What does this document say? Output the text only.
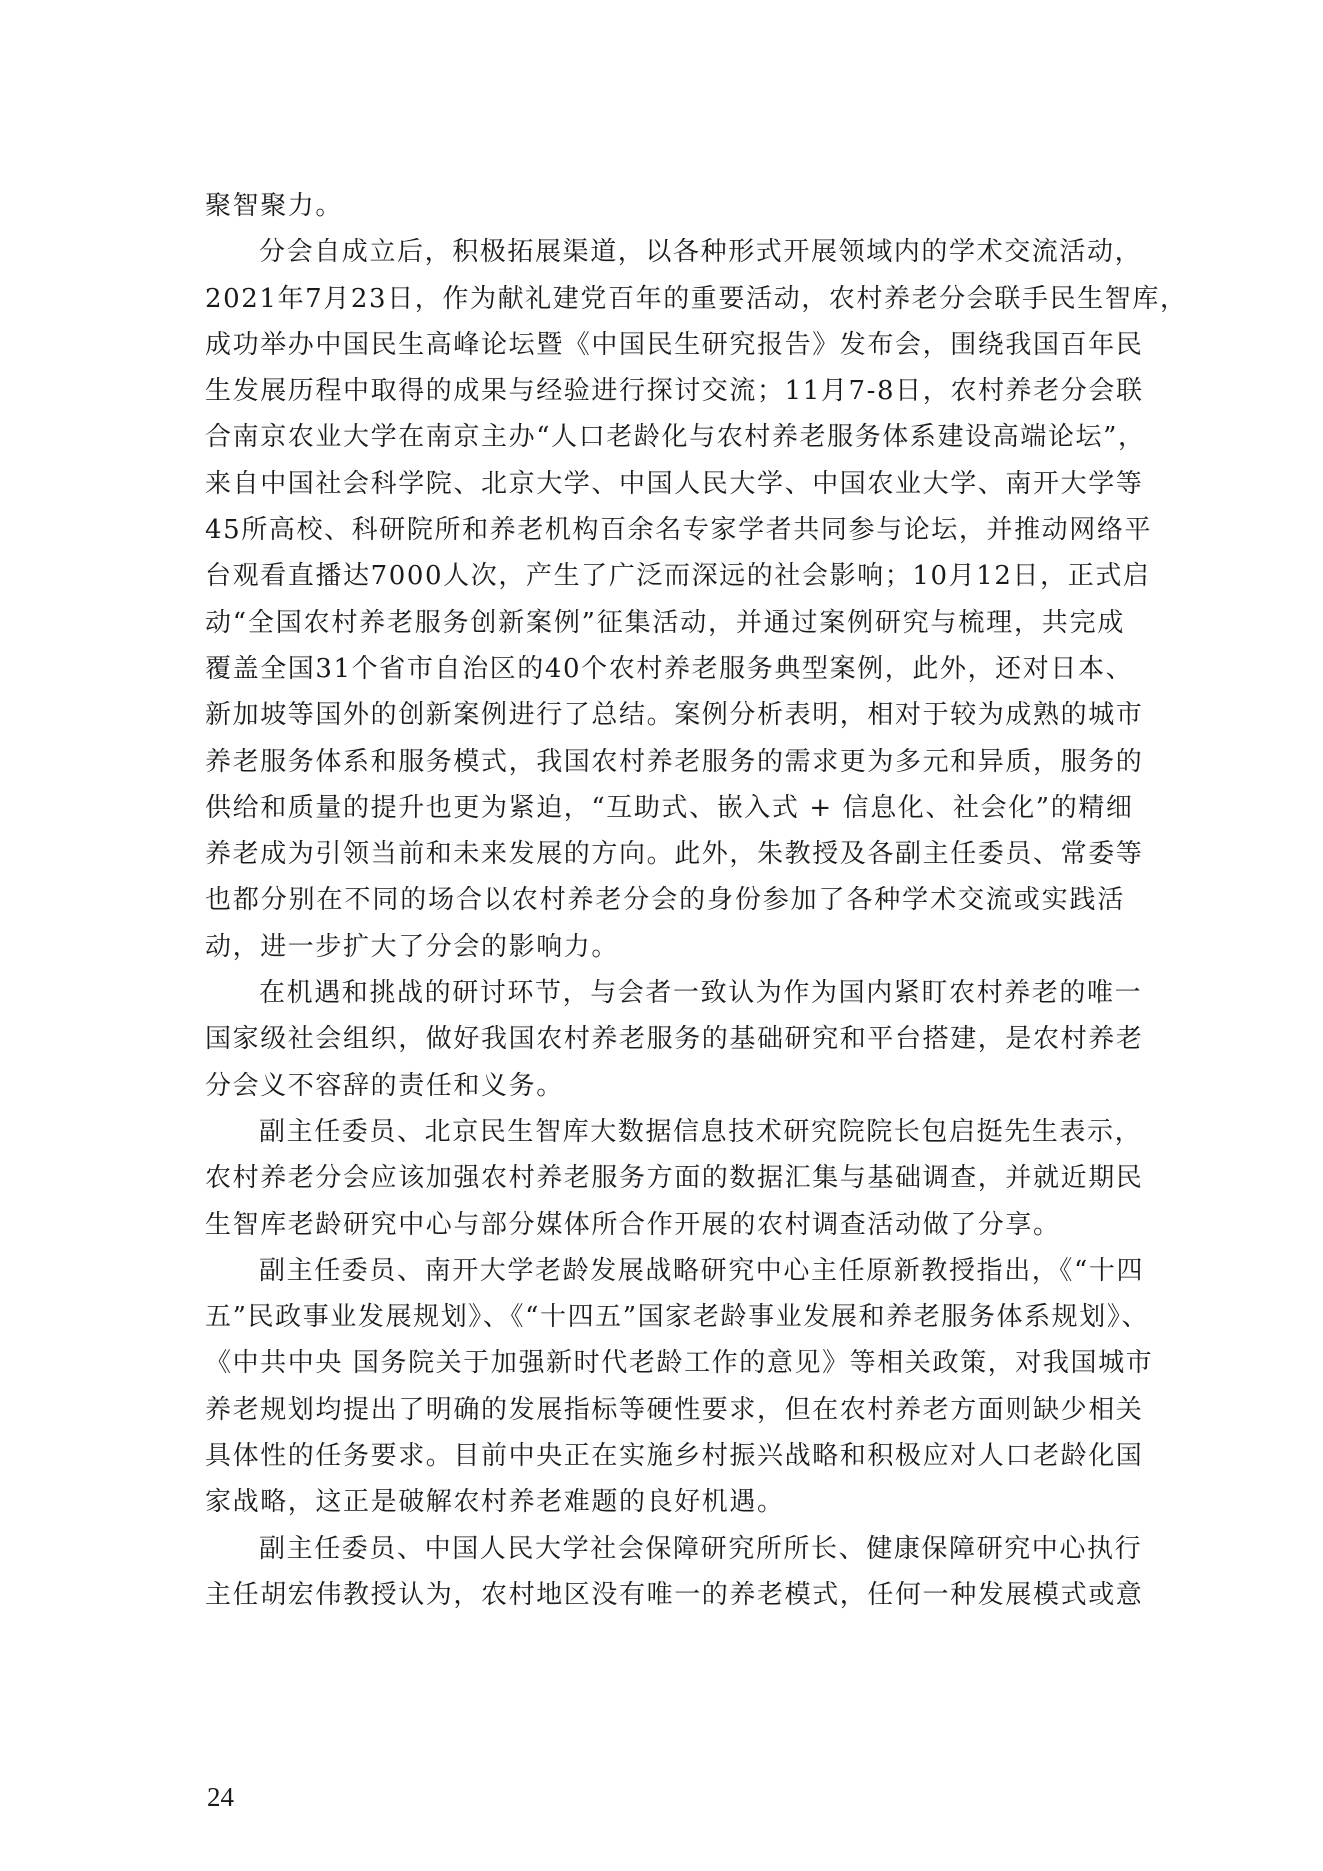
聚智聚力。
分会自成立后，积极拓展渠道，以各种形式开展领域内的学术交流活动，
2021年7月23日，作为献礼建党百年的重要活动，农村养老分会联手民生智库，
成功举办中国民生高峰论坛暨《中国民生研究报告》发布会，围绕我国百年民
生发展历程中取得的成果与经验进行探讨交流；11月7-8日，农村养老分会联
合南京农业大学在南京主办“人口老龄化与农村养老服务体系建设高端论坛”，
来自中国社会科学院、北京大学、中国人民大学、中国农业大学、南开大学等
45所高校、科研院所和养老机构百余名专家学者共同参与论坛，并推动网络平
台观看直播达7000人次，产生了广泛而深远的社会影响；10月12日，正式启
动“全国农村养老服务创新案例”征集活动，并通过案例研究与梳理，共完成
覆盖全国31个省市自治区的40个农村养老服务典型案例，此外，还对日本、
新加坡等国外的创新案例进行了总结。案例分析表明，相对于较为成熟的城市
养老服务体系和服务模式，我国农村养老服务的需求更为多元和异质，服务的
供给和质量的提升也更为紧迫，“互助式、嵌入式 + 信息化、社会化”的精细
养老成为引领当前和未来发展的方向。此外，朱教授及各副主任委员、常委等
也都分别在不同的场合以农村养老分会的身份参加了各种学术交流或实践活
动，进一步扩大了分会的影响力。
在机遇和挑战的研讨环节，与会者一致认为作为国内紧盯农村养老的唯一
国家级社会组织，做好我国农村养老服务的基础研究和平台搭建，是农村养老
分会义不容辞的责任和义务。
副主任委员、北京民生智库大数据信息技术研究院院长包启挺先生表示，
农村养老分会应该加强农村养老服务方面的数据汇集与基础调查，并就近期民
生智库老龄研究中心与部分媒体所合作开展的农村调查活动做了分享。
副主任委员、南开大学老龄发展战略研究中心主任原新教授指出，《“十四
五”民政事业发展规划》、《“十四五”国家老龄事业发展和养老服务体系规划》、
《中共中央 国务院关于加强新时代老龄工作的意见》等相关政策，对我国城市
养老规划均提出了明确的发展指标等硬性要求，但在农村养老方面则缺少相关
具体性的任务要求。目前中央正在实施乡村振兴战略和积极应对人口老龄化国
家战略，这正是破解农村养老难题的良好机遇。
副主任委员、中国人民大学社会保障研究所所长、健康保障研究中心执行
主任胡宏伟教授认为，农村地区没有唯一的养老模式，任何一种发展模式或意
24
